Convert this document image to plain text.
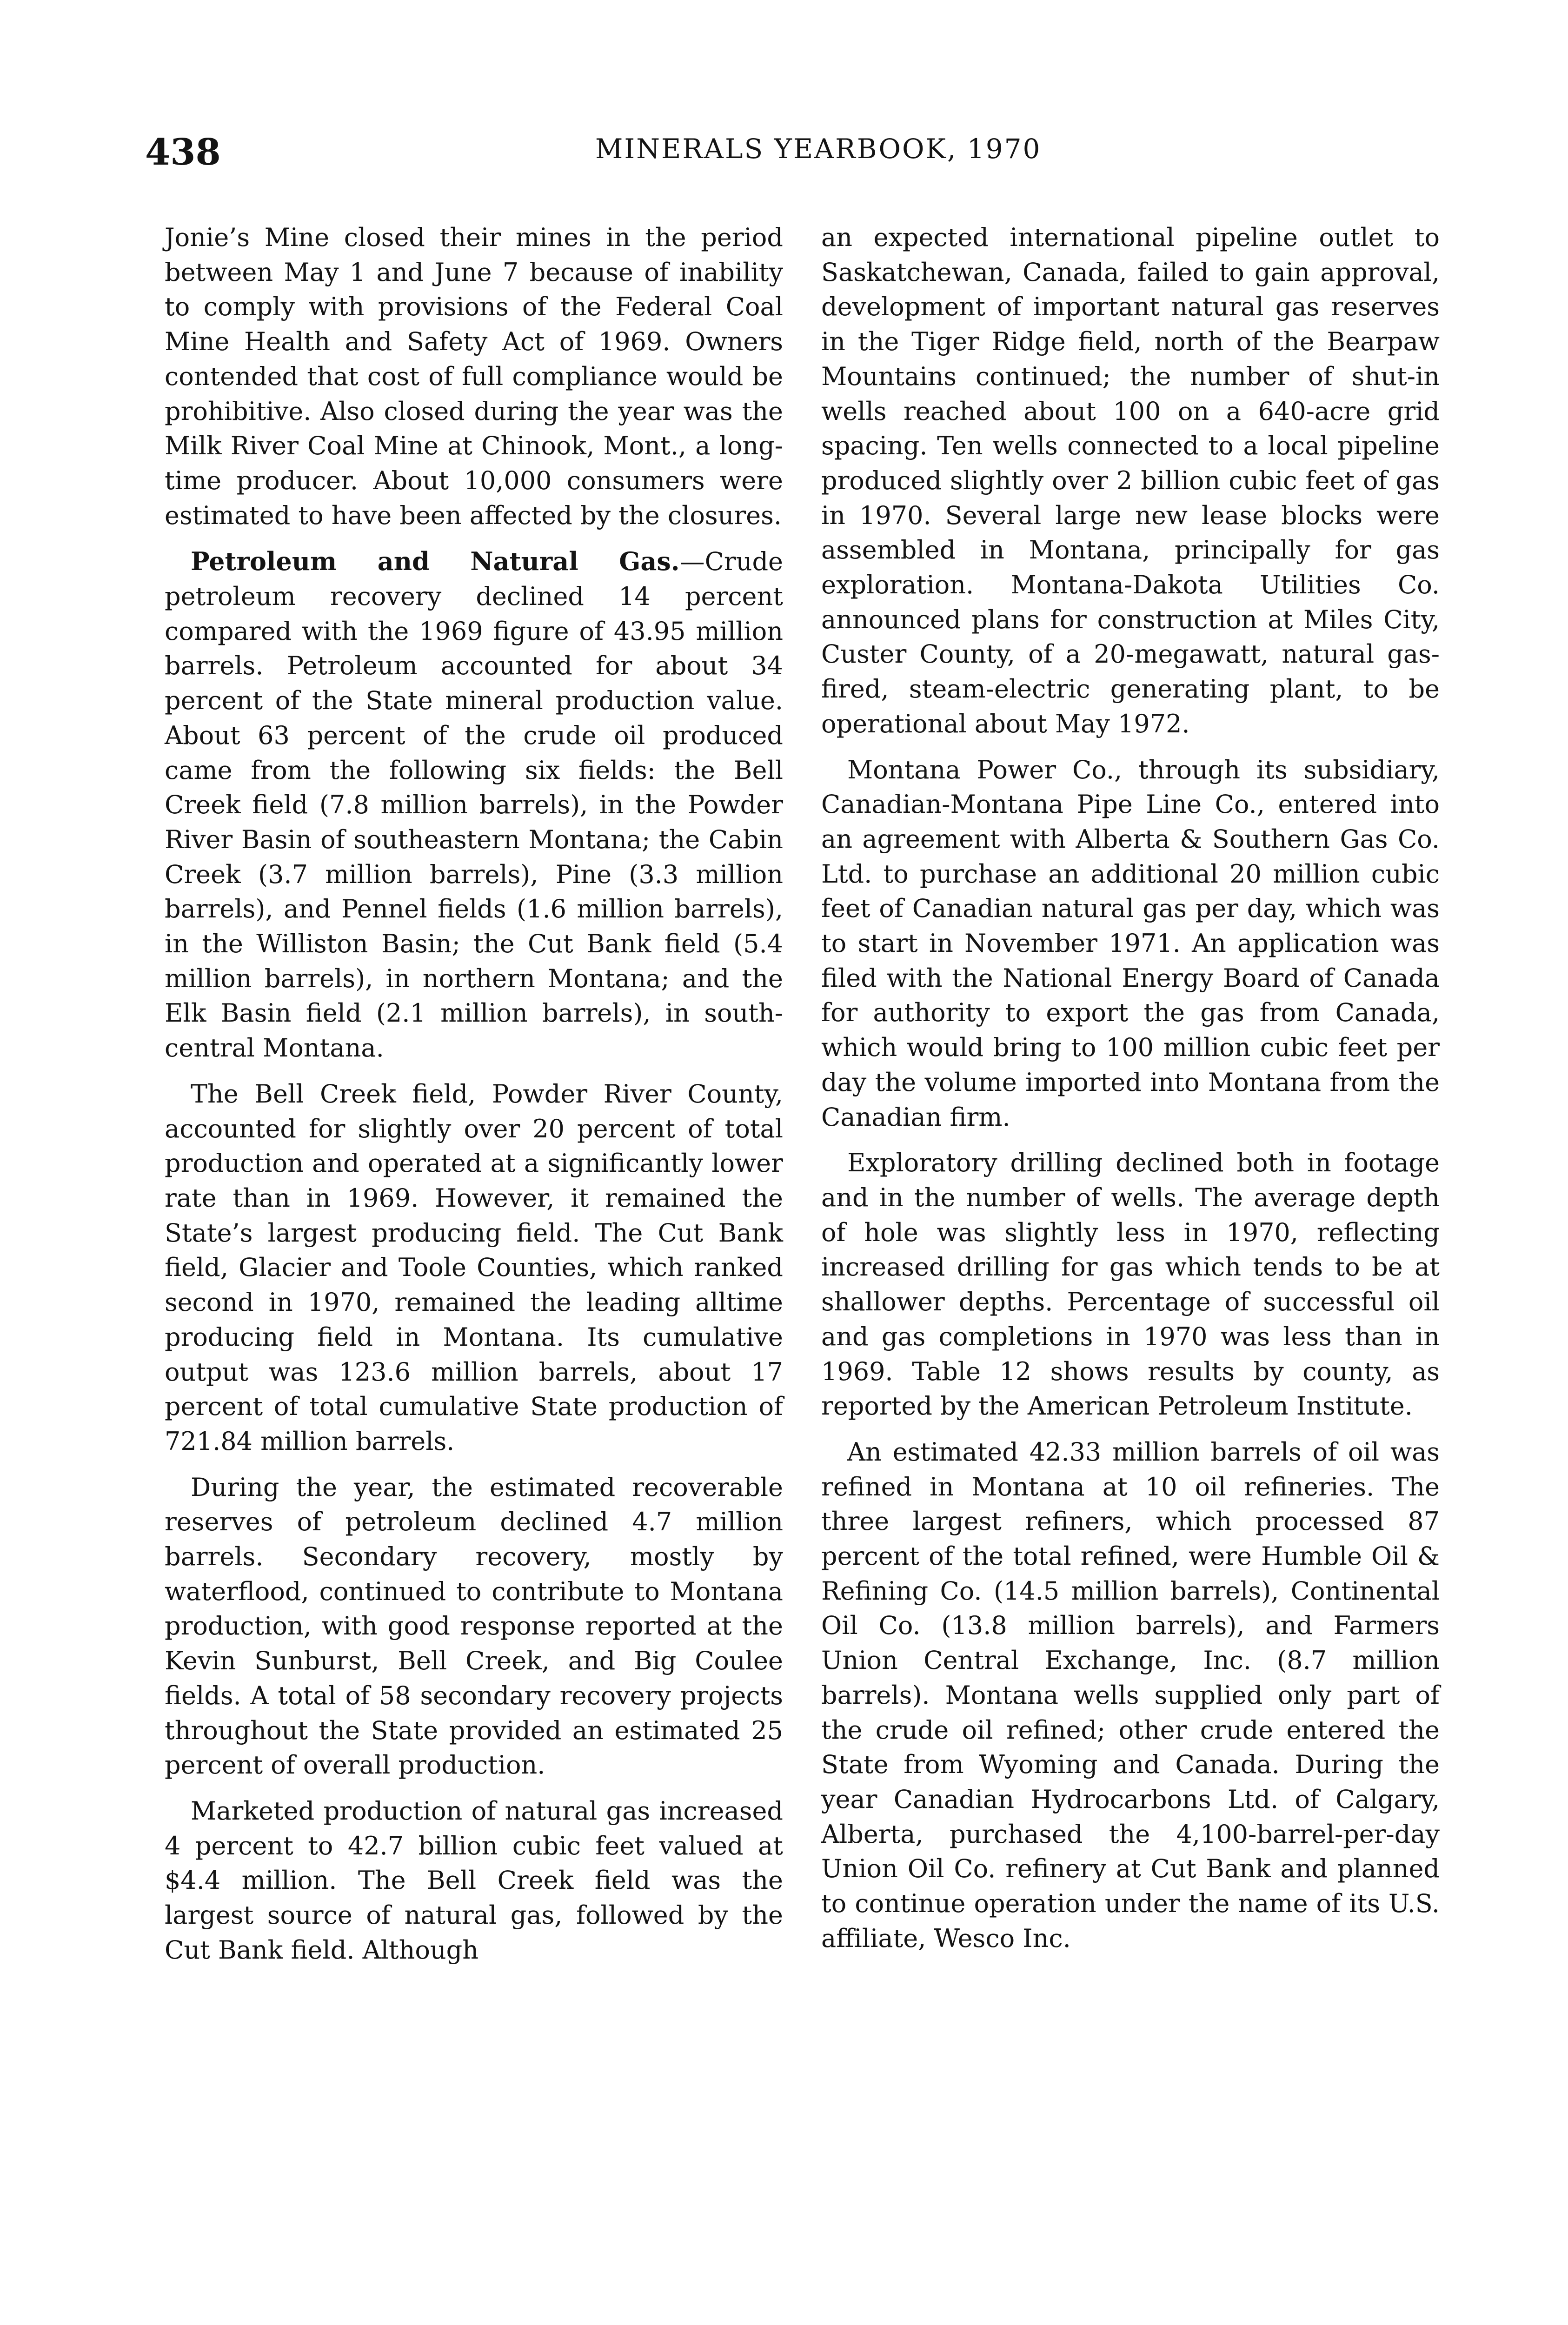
438	MINERALS YEARBOOK, 1970

Jonie’s Mine closed their mines in the period between May 1 and June 7 because of inability to comply with provisions of the Federal Coal Mine Health and Safety Act of 1969. Owners contended that cost of full compliance would be prohibitive. Also closed during the year was the Milk River Coal Mine at Chinook, Mont., a long-time producer. About 10,000 consumers were estimated to have been affected by the closures.

Petroleum and Natural Gas.—Crude petroleum recovery declined 14 percent compared with the 1969 figure of 43.95 million barrels. Petroleum accounted for about 34 percent of the State mineral production value. About 63 percent of the crude oil produced came from the following six fields: the Bell Creek field (7.8 million barrels), in the Powder River Basin of southeastern Montana; the Cabin Creek (3.7 million barrels), Pine (3.3 million barrels), and Pennel fields (1.6 million barrels), in the Williston Basin; the Cut Bank field (5.4 million barrels), in northern Montana; and the Elk Basin field (2.1 million barrels), in south-central Montana.

The Bell Creek field, Powder River County, accounted for slightly over 20 percent of total production and operated at a significantly lower rate than in 1969. However, it remained the State’s largest producing field. The Cut Bank field, Glacier and Toole Counties, which ranked second in 1970, remained the leading alltime producing field in Montana. Its cumulative output was 123.6 million barrels, about 17 percent of total cumulative State production of 721.84 million barrels.

During the year, the estimated recoverable reserves of petroleum declined 4.7 million barrels. Secondary recovery, mostly by waterflood, continued to contribute to Montana production, with good response reported at the Kevin Sunburst, Bell Creek, and Big Coulee fields. A total of 58 secondary recovery projects throughout the State provided an estimated 25 percent of overall production.

Marketed production of natural gas increased 4 percent to 42.7 billion cubic feet valued at $4.4 million. The Bell Creek field was the largest source of natural gas, followed by the Cut Bank field. Although

an expected international pipeline outlet to Saskatchewan, Canada, failed to gain approval, development of important natural gas reserves in the Tiger Ridge field, north of the Bearpaw Mountains continued; the number of shut-in wells reached about 100 on a 640-acre grid spacing. Ten wells connected to a local pipeline produced slightly over 2 billion cubic feet of gas in 1970. Several large new lease blocks were assembled in Montana, principally for gas exploration. Montana-Dakota Utilities Co. announced plans for construction at Miles City, Custer County, of a 20-megawatt, natural gas-fired, steam-electric generating plant, to be operational about May 1972.

Montana Power Co., through its subsidiary, Canadian-Montana Pipe Line Co., entered into an agreement with Alberta & Southern Gas Co. Ltd. to purchase an additional 20 million cubic feet of Canadian natural gas per day, which was to start in November 1971. An application was filed with the National Energy Board of Canada for authority to export the gas from Canada, which would bring to 100 million cubic feet per day the volume imported into Montana from the Canadian firm.

Exploratory drilling declined both in footage and in the number of wells. The average depth of hole was slightly less in 1970, reflecting increased drilling for gas which tends to be at shallower depths. Percentage of successful oil and gas completions in 1970 was less than in 1969. Table 12 shows results by county, as reported by the American Petroleum Institute.

An estimated 42.33 million barrels of oil was refined in Montana at 10 oil refineries. The three largest refiners, which processed 87 percent of the total refined, were Humble Oil & Refining Co. (14.5 million barrels), Continental Oil Co. (13.8 million barrels), and Farmers Union Central Exchange, Inc. (8.7 million barrels). Montana wells supplied only part of the crude oil refined; other crude entered the State from Wyoming and Canada. During the year Canadian Hydrocarbons Ltd. of Calgary, Alberta, purchased the 4,100-barrel-per-day Union Oil Co. refinery at Cut Bank and planned to continue operation under the name of its U.S. affiliate, Wesco Inc.
